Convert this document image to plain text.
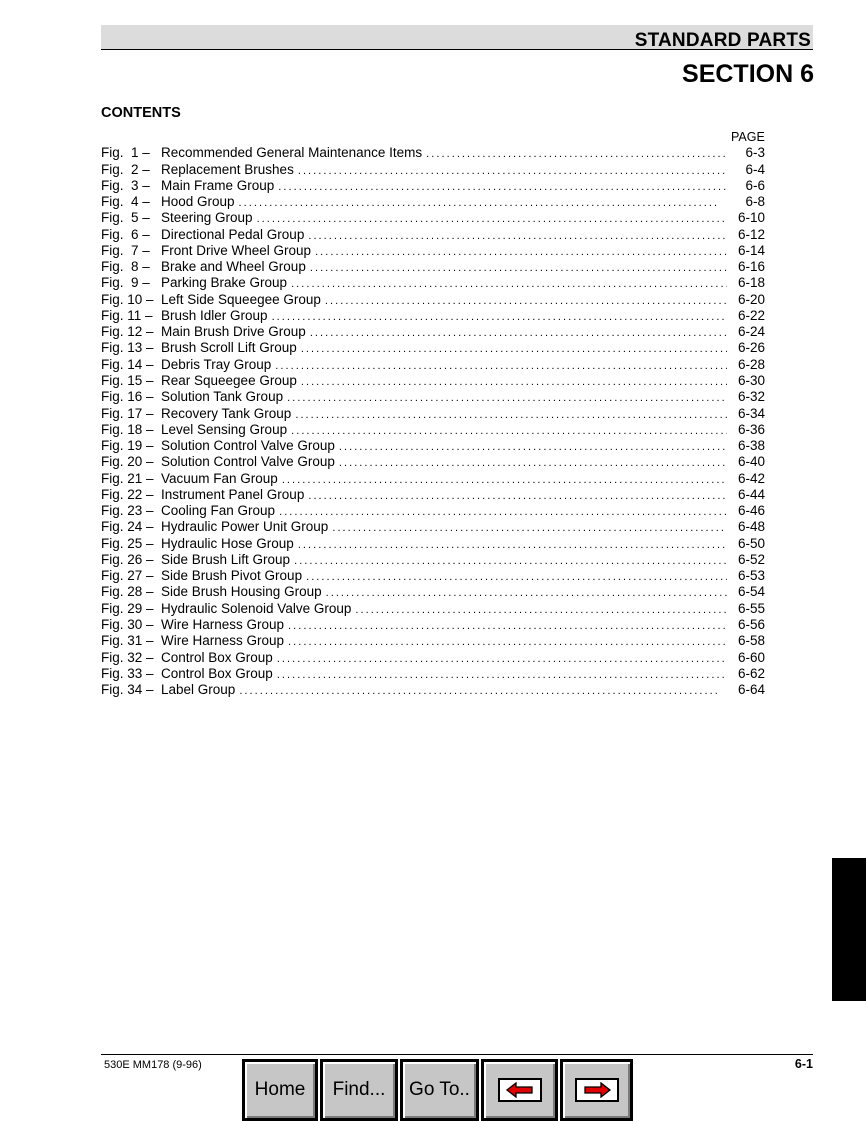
STANDARD PARTS
SECTION 6
CONTENTS
PAGE
Fig.  1 – Recommended General Maintenance Items . . .	6-3
Fig.  2 – Replacement Brushes . . .	6-4
Fig.  3 – Main Frame Group . . .	6-6
Fig.  4 – Hood Group . . .	6-8
Fig.  5 – Steering Group . . .	6-10
Fig.  6 – Directional Pedal Group . . .	6-12
Fig.  7 – Front Drive Wheel Group . . .	6-14
Fig.  8 – Brake and Wheel Group . . .	6-16
Fig.  9 – Parking Brake Group . . .	6-18
Fig. 10 – Left Side Squeegee Group . . .	6-20
Fig. 11 – Brush Idler Group . . .	6-22
Fig. 12 – Main Brush Drive Group . . .	6-24
Fig. 13 – Brush Scroll Lift Group . . .	6-26
Fig. 14 – Debris Tray Group . . .	6-28
Fig. 15 – Rear Squeegee Group . . .	6-30
Fig. 16 – Solution Tank Group . . .	6-32
Fig. 17 – Recovery Tank Group . . .	6-34
Fig. 18 – Level Sensing Group . . .	6-36
Fig. 19 – Solution Control Valve Group . . .	6-38
Fig. 20 – Solution Control Valve Group . . .	6-40
Fig. 21 – Vacuum Fan Group . . .	6-42
Fig. 22 – Instrument Panel Group . . .	6-44
Fig. 23 – Cooling Fan Group . . .	6-46
Fig. 24 – Hydraulic Power Unit Group . . .	6-48
Fig. 25 – Hydraulic Hose Group . . .	6-50
Fig. 26 – Side Brush Lift Group . . .	6-52
Fig. 27 – Side Brush Pivot Group . . .	6-53
Fig. 28 – Side Brush Housing Group . . .	6-54
Fig. 29 – Hydraulic Solenoid Valve Group . . .	6-55
Fig. 30 – Wire Harness Group . . .	6-56
Fig. 31 – Wire Harness Group . . .	6-58
Fig. 32 – Control Box Group . . .	6-60
Fig. 33 – Control Box Group . . .	6-62
Fig. 34 – Label Group . . .	6-64
530E MM178 (9-96)	6-1
Home	Find...	Go To..
